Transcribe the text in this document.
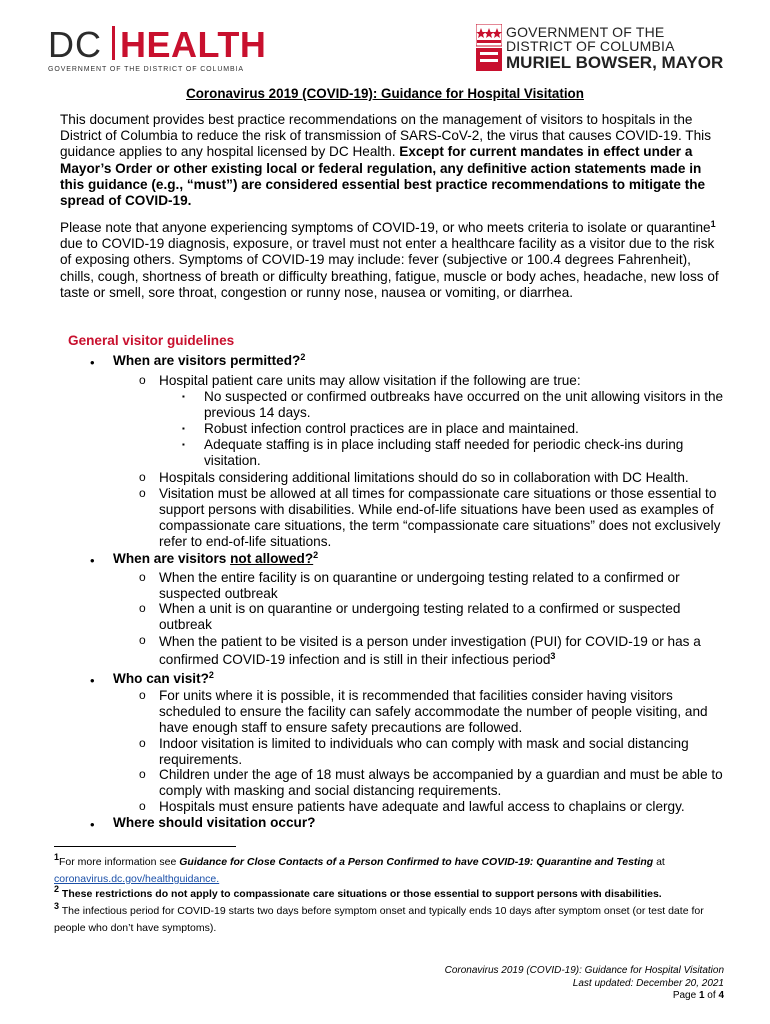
DC HEALTH
GOVERNMENT OF THE DISTRICT OF COLUMBIA
GOVERNMENT OF THE
DISTRICT OF COLUMBIA
MURIEL BOWSER, MAYOR
Coronavirus 2019 (COVID-19): Guidance for Hospital Visitation
This document provides best practice recommendations on the management of visitors to hospitals in the District of Columbia to reduce the risk of transmission of SARS-CoV-2, the virus that causes COVID-19. This guidance applies to any hospital licensed by DC Health. Except for current mandates in effect under a Mayor’s Order or other existing local or federal regulation, any definitive action statements made in this guidance (e.g., “must”) are considered essential best practice recommendations to mitigate the spread of COVID-19.
Please note that anyone experiencing symptoms of COVID-19, or who meets criteria to isolate or quarantine$^1$ due to COVID-19 diagnosis, exposure, or travel must not enter a healthcare facility as a visitor due to the risk of exposing others. Symptoms of COVID-19 may include: fever (subjective or 100.4 degrees Fahrenheit), chills, cough, shortness of breath or difficulty breathing, fatigue, muscle or body aches, headache, new loss of taste or smell, sore throat, congestion or runny nose, nausea or vomiting, or diarrhea.
General visitor guidelines
• When are visitors permitted?$^2$
o Hospital patient care units may allow visitation if the following are true:
▪ No suspected or confirmed outbreaks have occurred on the unit allowing visitors in the previous 14 days.
▪ Robust infection control practices are in place and maintained.
▪ Adequate staffing is in place including staff needed for periodic check-ins during visitation.
o Hospitals considering additional limitations should do so in collaboration with DC Health.
o Visitation must be allowed at all times for compassionate care situations or those essential to support persons with disabilities. While end-of-life situations have been used as examples of compassionate care situations, the term “compassionate care situations” does not exclusively refer to end-of-life situations.
• When are visitors not allowed?$^2$
o When the entire facility is on quarantine or undergoing testing related to a confirmed or suspected outbreak
o When a unit is on quarantine or undergoing testing related to a confirmed or suspected outbreak
o When the patient to be visited is a person under investigation (PUI) for COVID-19 or has a confirmed COVID-19 infection and is still in their infectious period$^3$
• Who can visit?$^2$
o For units where it is possible, it is recommended that facilities consider having visitors scheduled to ensure the facility can safely accommodate the number of people visiting, and have enough staff to ensure safety precautions are followed.
o Indoor visitation is limited to individuals who can comply with mask and social distancing requirements.
o Children under the age of 18 must always be accompanied by a guardian and must be able to comply with masking and social distancing requirements.
o Hospitals must ensure patients have adequate and lawful access to chaplains or clergy.
• Where should visitation occur?
$^1$For more information see Guidance for Close Contacts of a Person Confirmed to have COVID-19: Quarantine and Testing at coronavirus.dc.gov/healthguidance.
$^2$ These restrictions do not apply to compassionate care situations or those essential to support persons with disabilities.
$^3$ The infectious period for COVID-19 starts two days before symptom onset and typically ends 10 days after symptom onset (or test date for people who don’t have symptoms).
Coronavirus 2019 (COVID-19): Guidance for Hospital Visitation
Last updated: December 20, 2021
Page 1 of 4
